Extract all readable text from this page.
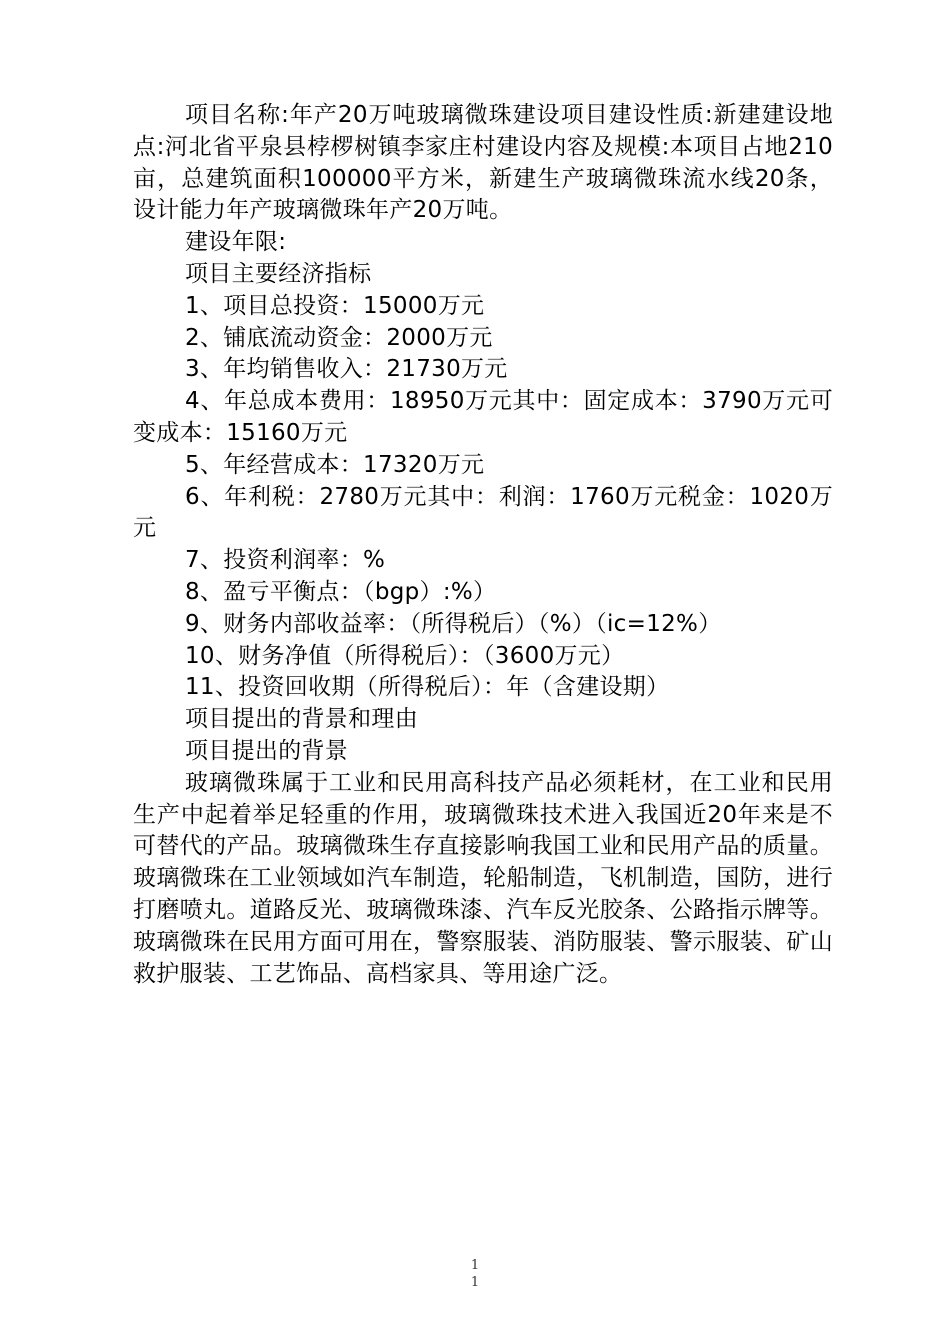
项目名称:年产20万吨玻璃微珠建设项目建设性质:新建建设地点:河北省平泉县桲椤树镇李家庄村建设内容及规模:本项目占地210亩，总建筑面积100000平方米，新建生产玻璃微珠流水线20条，设计能力年产玻璃微珠年产20万吨。

建设年限:

项目主要经济指标

1、项目总投资：15000万元

2、铺底流动资金：2000万元

3、年均销售收入：21730万元

4、年总成本费用：18950万元其中：固定成本：3790万元可变成本：15160万元

5、年经营成本：17320万元

6、年利税：2780万元其中：利润：1760万元税金：1020万元

7、投资利润率：%

8、盈亏平衡点：（bgp）:%）

9、财务内部收益率：（所得税后）（%）（ic=12%）

10、财务净值（所得税后）：（3600万元）

11、投资回收期（所得税后）：年（含建设期）

项目提出的背景和理由

项目提出的背景

玻璃微珠属于工业和民用高科技产品必须耗材，在工业和民用生产中起着举足轻重的作用，玻璃微珠技术进入我国近20年来是不可替代的产品。玻璃微珠生存直接影响我国工业和民用产品的质量。玻璃微珠在工业领域如汽车制造，轮船制造，飞机制造，国防，进行打磨喷丸。道路反光、玻璃微珠漆、汽车反光胶条、公路指示牌等。玻璃微珠在民用方面可用在，警察服装、消防服装、警示服装、矿山救护服装、工艺饰品、高档家具、等用途广泛。

1
1
